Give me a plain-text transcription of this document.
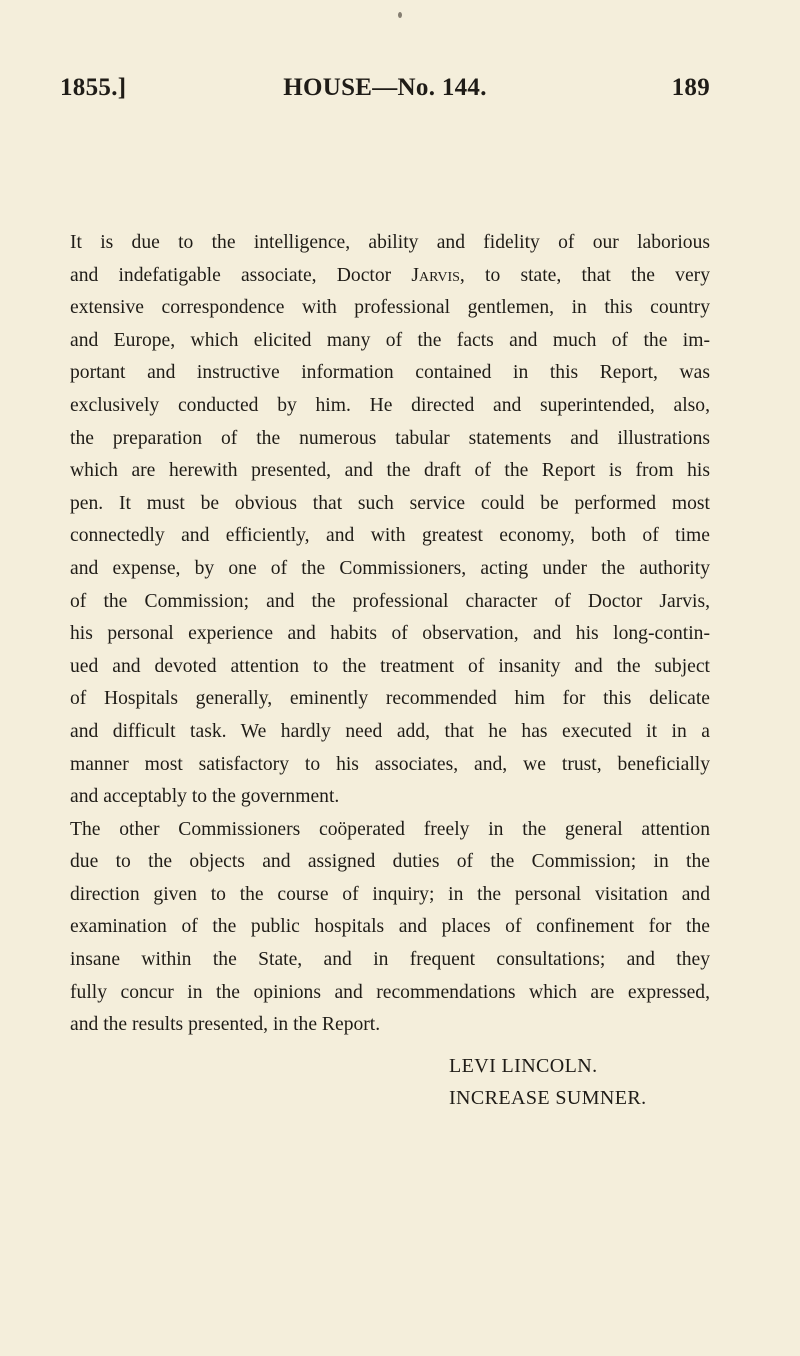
1855.]	HOUSE—No. 144.	189
It is due to the intelligence, ability and fidelity of our laborious
and indefatigable associate, Doctor Jarvis, to state, that the very
extensive correspondence with professional gentlemen, in this country
and Europe, which elicited many of the facts and much of the im-
portant and instructive information contained in this Report, was
exclusively conducted by him. He directed and superintended, also,
the preparation of the numerous tabular statements and illustrations
which are herewith presented, and the draft of the Report is from his
pen. It must be obvious that such service could be performed most
connectedly and efficiently, and with greatest economy, both of time
and expense, by one of the Commissioners, acting under the authority
of the Commission; and the professional character of Doctor Jarvis,
his personal experience and habits of observation, and his long-contin-
ued and devoted attention to the treatment of insanity and the subject
of Hospitals generally, eminently recommended him for this delicate
and difficult task. We hardly need add, that he has executed it in a
manner most satisfactory to his associates, and, we trust, beneficially
and acceptably to the government.
The other Commissioners coöperated freely in the general attention
due to the objects and assigned duties of the Commission; in the
direction given to the course of inquiry; in the personal visitation and
examination of the public hospitals and places of confinement for the
insane within the State, and in frequent consultations; and they
fully concur in the opinions and recommendations which are expressed,
and the results presented, in the Report.
LEVI LINCOLN.
INCREASE SUMNER.
